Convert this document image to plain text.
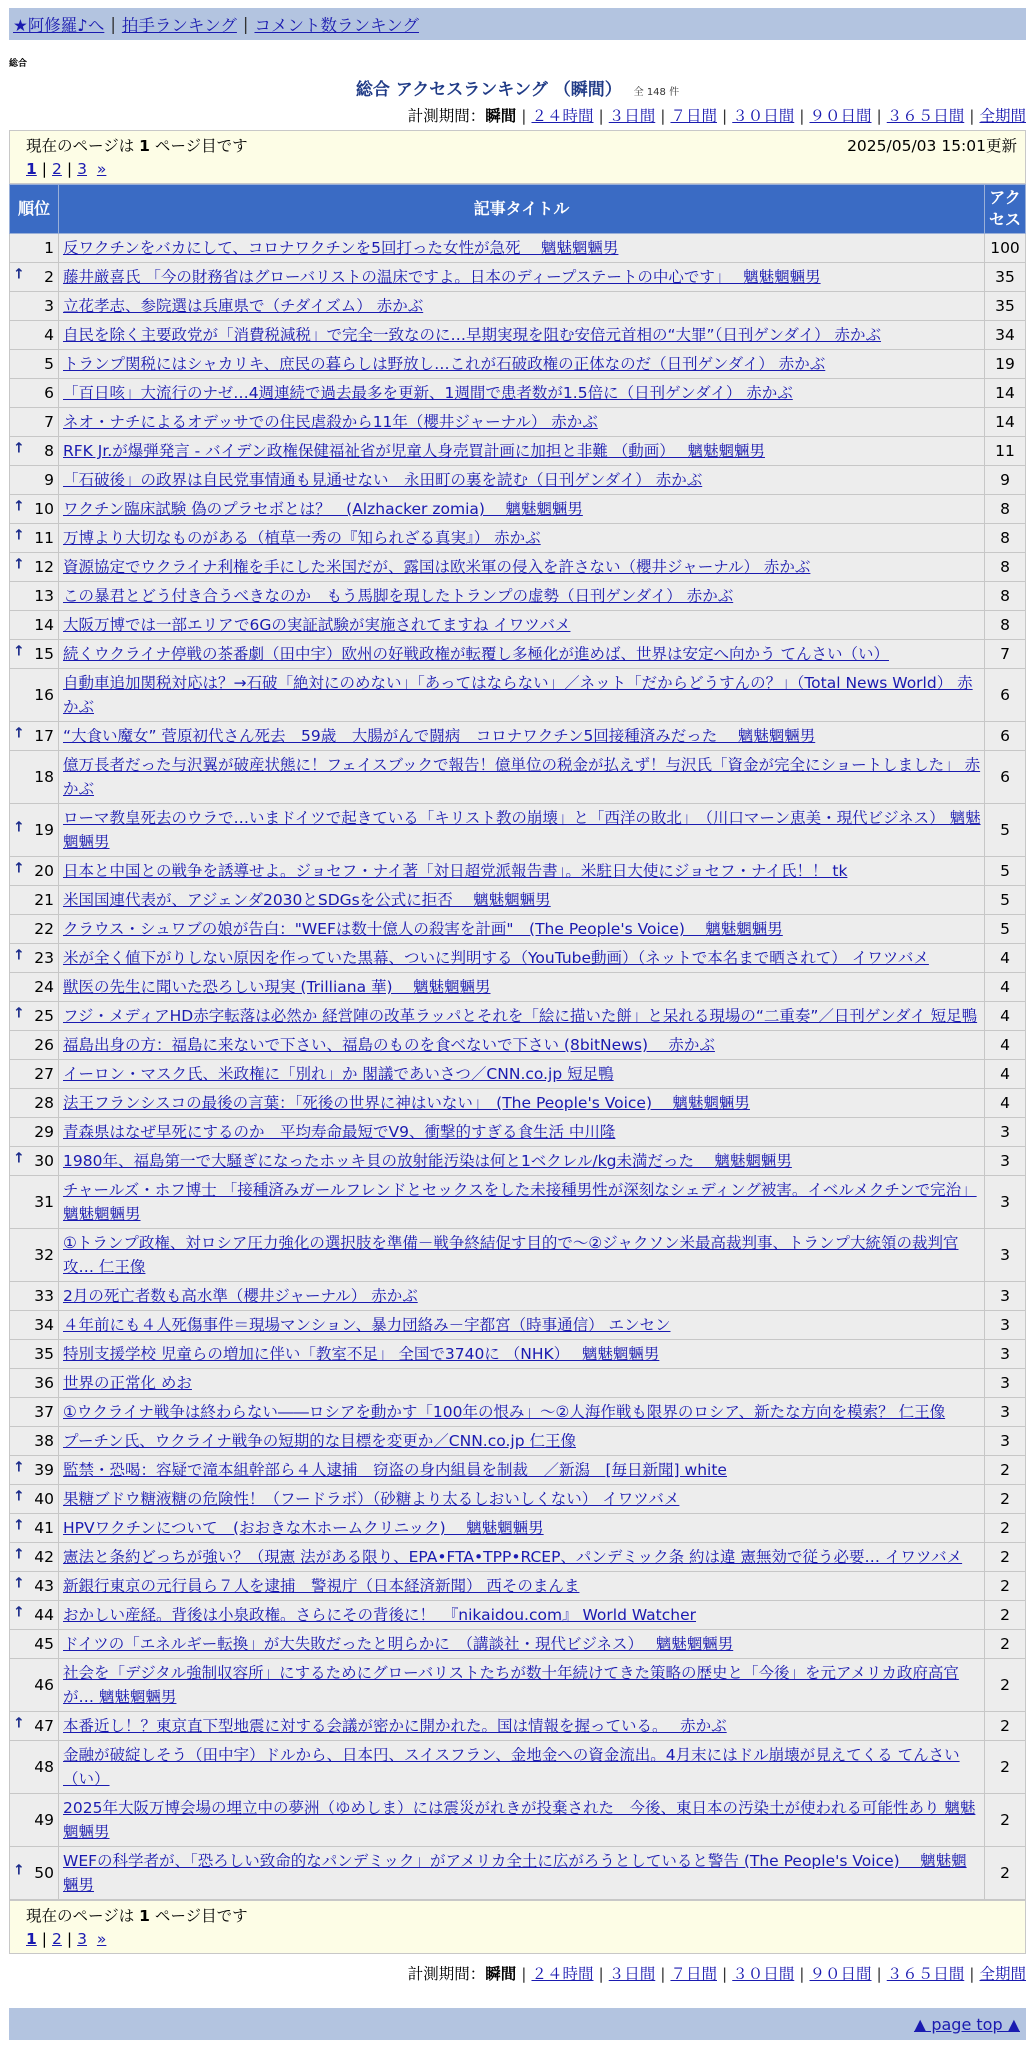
★阿修羅♪へ | 拍手ランキング | コメント数ランキング
総合
総合 アクセスランキング （瞬間） 全 148 件
計測期間：瞬間 | ２４時間 | ３日間 | ７日間 | ３０日間 | ９０日間 | ３６５日間 | 全期間
現在のページは 1 ページ目です	2025/05/03 15:01更新
1 | 2 | 3
»
順位	記事タイトル	アクセス
1	反ワクチンをバカにして、コロナワクチンを5回打った女性が急死　 魑魅魍魎男	100

↑ 2	藤井厳喜氏 「今の財務省はグローバリストの温床ですよ。日本のディープステートの中心です」　 魑魅魍魎男	35
3	立花孝志、参院選は兵庫県で（チダイズム） 赤かぶ	35
4	自民を除く主要政党が「消費税減税」で完全一致なのに…早期実現を阻む安倍元首相の“大罪”（日刊ゲンダイ） 赤かぶ	34
5	トランプ関税にはシャカリキ、庶民の暮らしは野放し…これが石破政権の正体なのだ（日刊ゲンダイ） 赤かぶ	19
6	「百日咳」大流行のナゼ…4週連続で過去最多を更新、1週間で患者数が1.5倍に（日刊ゲンダイ） 赤かぶ	14
7	ネオ・ナチによるオデッサでの住民虐殺から11年（櫻井ジャーナル） 赤かぶ	14

↑ 8	RFK Jr.が爆弾発言 - バイデン政権保健福祉省が児童人身売買計画に加担と非難 （動画）　 魑魅魍魎男	11
9	「石破後」の政界は自民党事情通も見通せない　永田町の裏を読む（日刊ゲンダイ） 赤かぶ	9

↑ 10	ワクチン臨床試験 偽のプラセボとは？　(Alzhacker zomia)　 魑魅魍魎男	8

↑ 11	万博より大切なものがある（植草一秀の『知られざる真実』） 赤かぶ	8

↑ 12	資源協定でウクライナ利権を手にした米国だが、露国は欧米軍の侵入を許さない（櫻井ジャーナル） 赤かぶ	8
13	この暴君とどう付き合うべきなのか　もう馬脚を現したトランプの虚勢（日刊ゲンダイ） 赤かぶ	8
14	大阪万博では一部エリアで6Gの実証試験が実施されてますね イワツバメ	8

↑ 15	続くウクライナ停戦の茶番劇（田中宇）欧州の好戦政権が転覆し多極化が進めば、世界は安定へ向かう てんさい（い）	7
16	自動車追加関税対応は？→石破「絶対にのめない」「あってはならない」／ネット「だからどうすんの？」（Total News World） 赤かぶ	6

↑ 17	“大食い魔女” 菅原初代さん死去　59歳　大腸がんで闘病　コロナワクチン5回接種済みだった　 魑魅魍魎男	6
18	億万長者だった与沢翼が破産状態に！フェイスブックで報告！億単位の税金が払えず！与沢氏「資金が完全にショートしました」 赤かぶ	6

↑ 19	ローマ教皇死去のウラで…いまドイツで起きている「キリスト教の崩壊」と「西洋の敗北」　（川口マーン恵美・現代ビジネス） 魑魅魍魎男	5

↑ 20	日本と中国との戦争を誘導せよ。ジョセフ・ナイ著「対日超党派報告書」。米駐日大使にジョセフ・ナイ氏！！ tk	5
21	米国国連代表が、アジェンダ2030とSDGsを公式に拒否　 魑魅魍魎男	5
22	クラウス・シュワブの娘が告白："WEFは数十億人の殺害を計画"　(The People's Voice)　 魑魅魍魎男	5

↑ 23	米が全く値下がりしない原因を作っていた黒幕、ついに判明する（YouTube動画）（ネットで本名まで晒されて） イワツバメ	4
24	獣医の先生に聞いた恐ろしい現実 (Trilliana 華)　 魑魅魍魎男	4

↑ 25	フジ・メディアHD赤字転落は必然か 経営陣の改革ラッパとそれを「絵に描いた餅」と呆れる現場の“二重奏”／日刊ゲンダイ 短足鴨	4
26	福島出身の方：福島に来ないで下さい、福島のものを食べないで下さい (8bitNews)　 赤かぶ	4
27	イーロン・マスク氏、米政権に「別れ」か 閣議であいさつ／CNN.co.jp 短足鴨	4
28	法王フランシスコの最後の言葉：「死後の世界に神はいない」　(The People's Voice)　 魑魅魍魎男	4
29	青森県はなぜ早死にするのか　平均寿命最短でV9、衝撃的すぎる食生活 中川隆	3

↑ 30	1980年、福島第一で大騒ぎになったホッキ貝の放射能汚染は何と1ベクレル/kg未満だった　 魑魅魍魎男	3
31	チャールズ・ホフ博士 「接種済みガールフレンドとセックスをした未接種男性が深刻なシェディング被害。イベルメクチンで完治」 魑魅魍魎男	3
32	①トランプ政権、対ロシア圧力強化の選択肢を準備－戦争終結促す目的で～②ジャクソン米最高裁判事、トランプ大統領の裁判官攻… 仁王像	3
33	2月の死亡者数も高水準（櫻井ジャーナル） 赤かぶ	3
34	４年前にも４人死傷事件＝現場マンション、暴力団絡み－宇都宮（時事通信） エンセン	3
35	特別支援学校 児童らの増加に伴い「教室不足」 全国で3740に （NHK）　 魑魅魍魎男	3
36	世界の正常化 めお	3
37	①ウクライナ戦争は終わらない――ロシアを動かす「100年の恨み」～②人海作戦も限界のロシア、新たな方向を模索？ 仁王像	3
38	プーチン氏、ウクライナ戦争の短期的な目標を変更か／CNN.co.jp 仁王像	3

↑ 39	監禁・恐喝：容疑で滝本組幹部ら４人逮捕　窃盗の身内組員を制裁　／新潟　[毎日新聞] white	2

↑ 40	果糖ブドウ糖液糖の危険性！（フードラボ）（砂糖より太るしおいしくない） イワツバメ	2

↑ 41	HPVワクチンについて　(おおきな木ホームクリニック)　 魑魅魍魎男	2

↑ 42	憲法と条約どっちが強い？（現憲 法がある限り、EPA•FTA•TPP•RCEP、パンデミック条 約は違 憲無効で従う必要… イワツバメ	2

↑ 43	新銀行東京の元行員ら７人を逮捕　警視庁（日本経済新聞） 西そのまんま	2

↑ 44	おかしい産経。背後は小泉政権。さらにその背後に！　『nikaidou.com』 World Watcher	2
45	ドイツの「エネルギー転換」が大失敗だったと明らかに　（講談社・現代ビジネス）　 魑魅魍魎男	2
46	社会を「デジタル強制収容所」にするためにグローバリストたちが数十年続けてきた策略の歴史と「今後」を元アメリカ政府高官が… 魑魅魍魎男	2

↑ 47	本番近し！？東京直下型地震に対する会議が密かに開かれた。国は情報を握っている。　 赤かぶ	2
48	金融が破綻しそう（田中宇）ドルから、日本円、スイスフラン、金地金への資金流出。4月末にはドル崩壊が見えてくる てんさい（い）	2
49	2025年大阪万博会場の埋立中の夢洲（ゆめしま）には震災がれきが投棄された　今後、東日本の汚染土が使われる可能性あり 魑魅魍魎男	2

↑ 50	WEFの科学者が、「恐ろしい致命的なパンデミック」がアメリカ全土に広がろうとしていると警告 (The People's Voice)　 魑魅魍魎男	2
現在のページは 1 ページ目です
1 | 2 | 3
»
計測期間：瞬間 | ２４時間 | ３日間 | ７日間 | ３０日間 | ９０日間 | ３６５日間 | 全期間
▲ page top ▲
